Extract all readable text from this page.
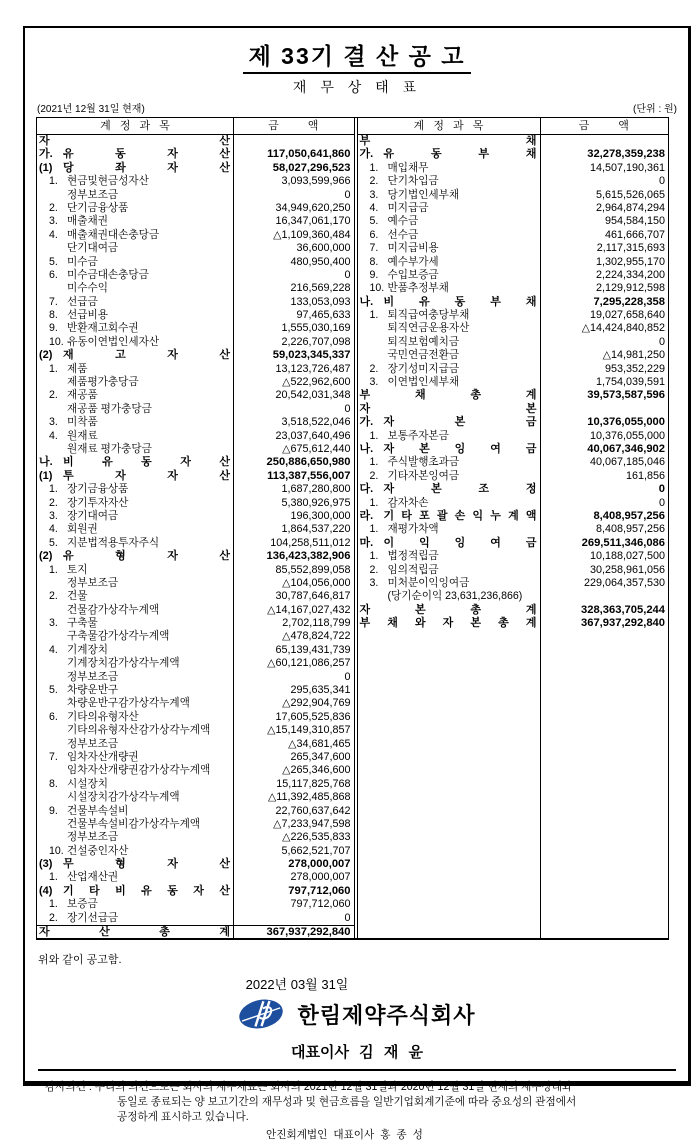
제 33기 결 산 공 고
재 무 상 태 표
(2021년 12월 31일 현재)	(단위 : 원)
계 정 과 목	금 액
자 산
가. 유 동 자 산	117,050,641,860
(1) 당 좌 자 산	58,027,296,523
1. 현금및현금성자산	3,093,599,966
정부보조금	0
2. 단기금융상품	34,949,620,250
3. 매출채권	16,347,061,170
4. 매출채권대손충당금	△1,109,360,484
단기대여금	36,600,000
5. 미수금	480,950,400
6. 미수금대손충당금	0
미수수익	216,569,228
7. 선급금	133,053,093
8. 선급비용	97,465,633
9. 반환재고회수권	1,555,030,169
10. 유동이연법인세자산	2,226,707,098
(2) 재 고 자 산	59,023,345,337
1. 제품	13,123,726,487
제품평가충당금	△522,962,600
2. 재공품	20,542,031,348
재공품 평가충당금	0
3. 미착품	3,518,522,046
4. 원재료	23,037,640,496
원재료 평가충당금	△675,612,440
나. 비 유 동 자 산	250,886,650,980
(1) 투 자 자 산	113,387,556,007
1. 장기금융상품	1,687,280,800
2. 장기투자자산	5,380,926,975
3. 장기대여금	196,300,000
4. 회원권	1,864,537,220
5. 지분법적용투자주식	104,258,511,012
(2) 유 형 자 산	136,423,382,906
1. 토지	85,552,899,058
정부보조금	△104,056,000
2. 건물	30,787,646,817
건물감가상각누계액	△14,167,027,432
3. 구축물	2,702,118,799
구축물감가상각누계액	△478,824,722
4. 기계장치	65,139,431,739
기계장치감가상각누계액	△60,121,086,257
정부보조금	0
5. 차량운반구	295,635,341
차량운반구감가상각누계액	△292,904,769
6. 기타의유형자산	17,605,525,836
기타의유형자산감가상각누계액	△15,149,310,857
정부보조금	△34,681,465
7. 임차자산개량권	265,347,600
임차자산개량권감가상각누계액	△265,346,600
8. 시설장치	15,117,825,768
시설장치감가상각누계액	△11,392,485,868
9. 건물부속설비	22,760,637,642
건물부속설비감가상각누계액	△7,233,947,598
정부보조금	△226,535,833
10. 건설중인자산	5,662,521,707
(3) 무 형 자 산	278,000,007
1. 산업재산권	278,000,007
(4) 기 타 비 유 동 자 산	797,712,060
1. 보증금	797,712,060
2. 장기선급금	0
자 산 총 계	367,937,292,840
계 정 과 목	금 액
부 채
가. 유 동 부 채	32,278,359,238
1. 매입채무	14,507,190,361
2. 단기차입금	0
3. 당기법인세부채	5,615,526,065
4. 미지급금	2,964,874,294
5. 예수금	954,584,150
6. 선수금	461,666,707
7. 미지급비용	2,117,315,693
8. 예수부가세	1,302,955,170
9. 수입보증금	2,224,334,200
10. 반품추정부채	2,129,912,598
나. 비 유 동 부 채	7,295,228,358
1. 퇴직급여충당부채	19,027,658,640
퇴직연금운용자산	△14,424,840,852
퇴직보험예치금	0
국민연금전환금	△14,981,250
2. 장기성미지급금	953,352,229
3. 이연법인세부채	1,754,039,591
부 채 총 계	39,573,587,596
자 본
가. 자 본 금	10,376,055,000
1. 보통주자본금	10,376,055,000
나. 자 본 잉 여 금	40,067,346,902
1. 주식발행초과금	40,067,185,046
2. 기타자본잉여금	161,856
다. 자 본 조 정	0
1. 감자차손	0
라. 기 타 포 괄 손 익 누 계 액	8,408,957,256
1. 재평가차액	8,408,957,256
마. 이 익 잉 여 금	269,511,346,086
1. 법정적립금	10,188,027,500
2. 임의적립금	30,258,961,056
3. 미처분이익잉여금	229,064,357,530
(당기순이익 23,631,236,866)
자 본 총 계	328,363,705,244
부 채 와 자 본 총 계	367,937,292,840
위와 같이 공고함.
2022년 03월 31일
한림제약주식회사
대표이사 김 재 윤
감사의견 : 우리의 의견으로는 회사의 재무제표는 회사의 2021년 12월 31일과 2020년 12월 31일 현재의 재무상태와
동일로 종료되는 양 보고기간의 재무성과 및 현금흐름을 일반기업회계기준에 따라 중요성의 관점에서
공정하게 표시하고 있습니다.
안진회계법인 대표이사 홍 종 성
